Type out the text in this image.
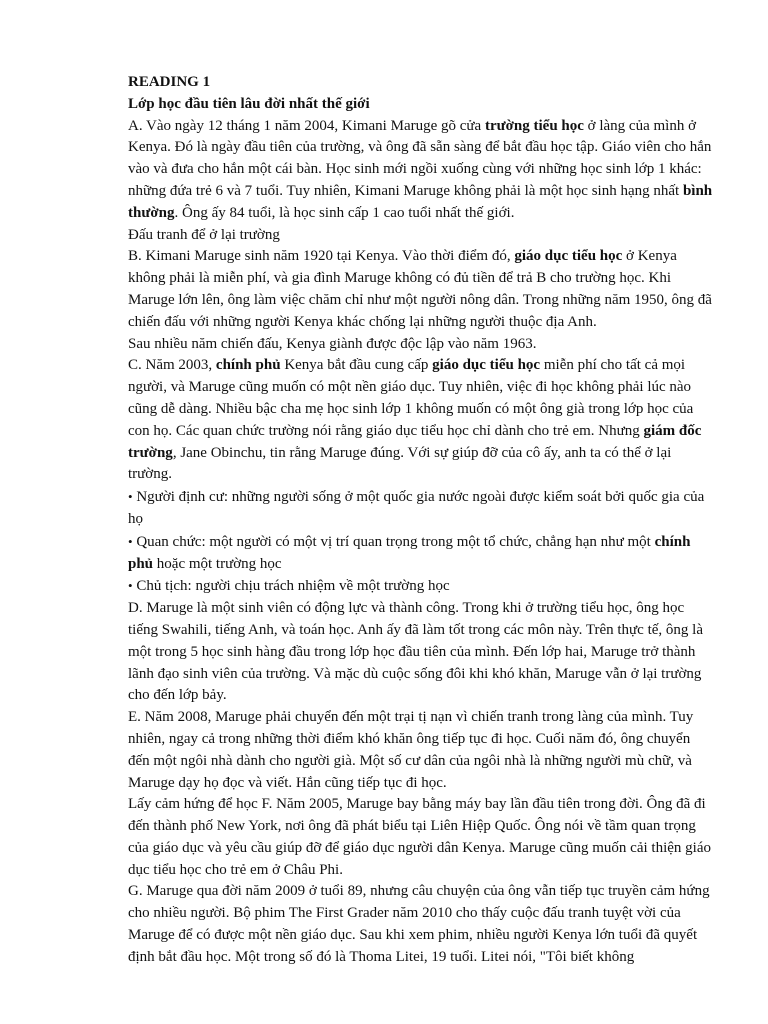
READING 1

Lớp học đầu tiên lâu đời nhất thế giới

A. Vào ngày 12 tháng 1 năm 2004, Kimani Maruge gõ cửa trường tiểu học ở làng của mình ở Kenya. Đó là ngày đầu tiên của trường, và ông đã sẵn sàng để bắt đầu học tập. Giáo viên cho hắn vào và đưa cho hắn một cái bàn. Học sinh mới ngồi xuống cùng với những học sinh lớp 1 khác: những đứa trẻ 6 và 7 tuổi. Tuy nhiên, Kimani Maruge không phải là một học sinh hạng nhất bình thường. Ông ấy 84 tuổi, là học sinh cấp 1 cao tuổi nhất thế giới.

Đấu tranh để ở lại trường

B. Kimani Maruge sinh năm 1920 tại Kenya. Vào thời điểm đó, giáo dục tiểu học ở Kenya không phải là miễn phí, và gia đình Maruge không có đủ tiền để trả B cho trường học. Khi Maruge lớn lên, ông làm việc chăm chỉ như một người nông dân. Trong những năm 1950, ông đã chiến đấu với những người Kenya khác chống lại những người thuộc địa Anh.

Sau nhiều năm chiến đấu, Kenya giành được độc lập vào năm 1963.

C. Năm 2003, chính phủ Kenya bắt đầu cung cấp giáo dục tiểu học miễn phí cho tất cả mọi người, và Maruge cũng muốn có một nền giáo dục. Tuy nhiên, việc đi học không phải lúc nào cũng dễ dàng. Nhiều bậc cha mẹ học sinh lớp 1 không muốn có một ông già trong lớp học của con họ. Các quan chức trường nói rằng giáo dục tiểu học chỉ dành cho trẻ em. Nhưng giám đốc trường, Jane Obinchu, tin rằng Maruge đúng. Với sự giúp đỡ của cô ấy, anh ta có thể ở lại trường.

• Người định cư: những người sống ở một quốc gia nước ngoài được kiểm soát bởi quốc gia của họ

• Quan chức: một người có một vị trí quan trọng trong một tổ chức, chẳng hạn như một chính phủ hoặc một trường học

• Chủ tịch: người chịu trách nhiệm về một trường học

D. Maruge là một sinh viên có động lực và thành công. Trong khi ở trường tiểu học, ông học tiếng Swahili, tiếng Anh, và toán học. Anh ấy đã làm tốt trong các môn này. Trên thực tế, ông là một trong 5 học sinh hàng đầu trong lớp học đầu tiên của mình. Đến lớp hai, Maruge trở thành lãnh đạo sinh viên của trường. Và mặc dù cuộc sống đôi khi khó khăn, Maruge vẫn ở lại trường cho đến lớp bảy.

E. Năm 2008, Maruge phải chuyển đến một trại tị nạn vì chiến tranh trong làng của mình. Tuy nhiên, ngay cả trong những thời điểm khó khăn ông tiếp tục đi học. Cuối năm đó, ông chuyển đến một ngôi nhà dành cho người già. Một số cư dân của ngôi nhà là những người mù chữ, và Maruge dạy họ đọc và viết. Hắn cũng tiếp tục đi học.

Lấy cảm hứng để học F. Năm 2005, Maruge bay bằng máy bay lần đầu tiên trong đời. Ông đã đi đến thành phố New York, nơi ông đã phát biểu tại Liên Hiệp Quốc. Ông nói về tầm quan trọng của giáo dục và yêu cầu giúp đỡ để giáo dục người dân Kenya. Maruge cũng muốn cải thiện giáo dục tiểu học cho trẻ em ở Châu Phi.

G. Maruge qua đời năm 2009 ở tuổi 89, nhưng câu chuyện của ông vẫn tiếp tục truyền cảm hứng cho nhiều người. Bộ phim The First Grader năm 2010 cho thấy cuộc đấu tranh tuyệt vời của Maruge để có được một nền giáo dục. Sau khi xem phim, nhiều người Kenya lớn tuổi đã quyết định bắt đầu học. Một trong số đó là Thoma Litei, 19 tuổi. Litei nói, "Tôi biết không
